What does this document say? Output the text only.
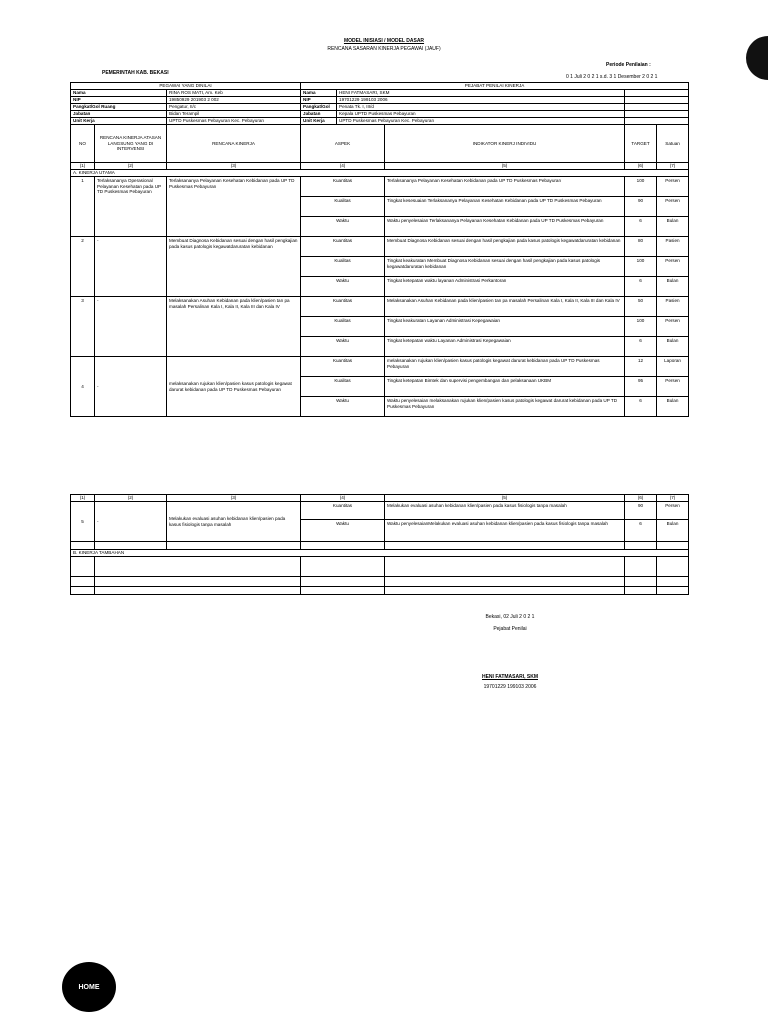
MODEL INISIASI / MODEL DASAR
RENCANA SASARAN KINERJA PEGAWAI (JAUF)
Periode Penilaian :
0 1 Juli 2 0 2 1 s.d. 3 1 Desember 2 0 2 1
PEMERINTAH KAB. BEKASI
PEGAWAI YANG DINILAI			PEJABAT PENILAI KINERJA				
Nama		RINA ROS MATI, Am. Keb	Nama	HENI FATMASARI, SKM			
NIP		19850929 201903 2 002	NIP	19701229 199103 2006			
Pangkat/Gol Ruang		Pengatur, II/c	Pangkat/Gol	Penata Tk. I, III/d			
Jabatan		Bidan Terampil	Jabatan	Kepala UPTD Puskesmas Pebayuran			
Unit Kerja		UPTD Puskesmas Pebayuran Kec. Pebayuran	Unit Kerja	UPTD Puskesmas Pebayuran Kec. Pebayuran			
NO	RENCANA KINERJA ATASAN LANGSUNG YANG DI INTERVENSI	RENCANA KINERJA	ASPEK		INDIKATOR KINERJ INDIVIDU	TARGET	Satuan
(1)	(2)	(3)	(4)		(5)	(6)	(7)
A. KINERJA UTAMA							
1	Terlaksananya Operasional Pelayanan Kesehatan pada UP TD Puskesmas Pebayuran	Terlaksananya Pelayanan Kesehatan Kebidanan pada UP TD Puskesmas Pebayuran	Kuantitas		Terlaksananya Pelayanan Kesehatan Kebidanan pada UP TD Puskesmas Pebayuran	100	Persen
			Kualitas		Tingkat kesesuaian Terlaksananya Pelayanan Kesehatan Kebidanan pada UP TD Puskesmas Pebayuran	90	Persen
			Waktu		Waktu penyelesaian Terlaksananya Pelayanan Kesehatan Kebidanan pada UP TD Puskesmas Pebayuran	6	Bulan
2	-	Membuat Diagnosa Kebidanan sesuai dengan hasil pengkajian pada kasus patologis kegawatdaruratan kebidanan	Kuantitas		Membuat Diagnosa Kebidanan sesuai dengan hasil pengkajian pada kasus patologis kegawatdaruratan kebidanan	80	Pasien
			Kualitas		Tingkat keakuratan Membuat Diagnosa Kebidanan sesuai dengan hasil pengkajian pada kasus patologis kegawatdaruratan kebidanan	100	Persen
			Waktu		Tingkat ketepatan waktu layanan Administrasi Perkantoran	6	Bulan
3	-	Melaksanakan Asuhan Kebidanan pada klien/pasien tan pa masalah Persalinan Kala I, Kala II, Kala III dan Kala IV	Kuantitas		Melaksanakan Asuhan Kebidanan pada klien/pasien tan pa masalah Persalinan Kala I, Kala II, Kala III dan Kala IV	50	Pasien
			Kualitas		Tingkat keakuratan Layanan Administrasi Kepegawaian	100	Persen
			Waktu		Tingkat ketepatan waktu Layanan Administrasi Kepegawaian	6	Bulan
4	-	melaksanakan rujukan klien/pasien kasus patologis kegawat darurat kebidanan pada UP TD Puskesmas Pebayuran	Kuantitas		melaksanakan rujukan klien/pasien kasus patologis kegawat darurat kebidanan pada UP TD Puskesmas Pebayuran	12	Laporan
			Kualitas		Tingkat ketepatan Bimtek dan supervisi pengembangan dan pelaksanaan UKBM	95	Persen
			Waktu		Waktu penyelesaian melaksanakan rujukan klien/pasien kasus patologis kegawat darurat kebidanan pada UP TD Puskesmas Pebayuran	6	Bulan
(1)	(2)	(3)	(4)	(5)	(6)	(7)
5	-	Melakukan evaluasi asuhan kebidanan klien/pasien pada kasus fisiologis tanpa masalah	Kuantitas	Melakukan evaluasi asuhan kebidanan klien/pasien pada kasus fisiologis tanpa masalah	90	Persen
			Waktu	Waktu penyelesaianMelakukan evaluasi asuhan kebidanan klien/pasien pada kasus fisiologis tanpa masalah	6	Bulan

B. KINERJA TAMBAHAN						

Bekasi, 02 Juli 2 0 2 1
Pejabat Penilai
HENI FATMASARI, SKM
19701229 199103 2006
HOME
